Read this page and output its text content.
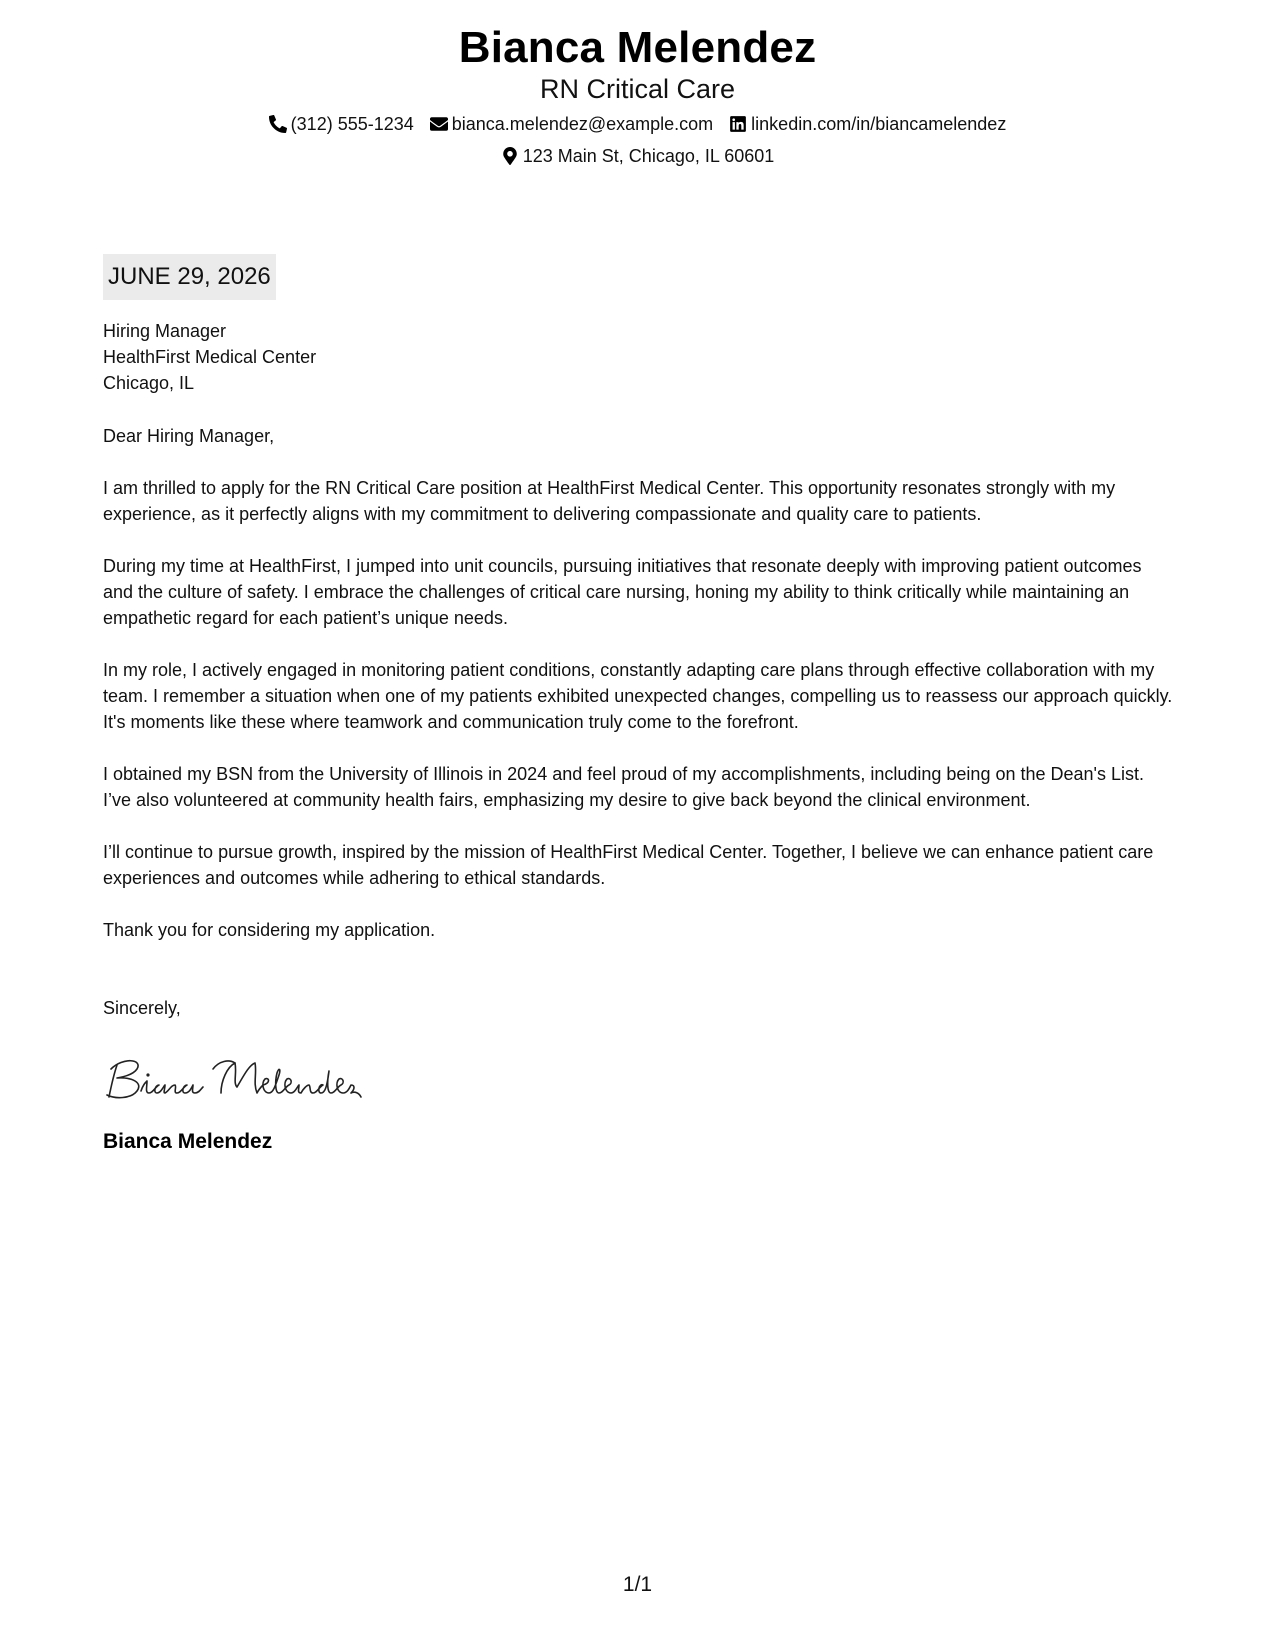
Bianca Melendez
RN Critical Care
(312) 555-1234 bianca.melendez@example.com linkedin.com/in/biancamelendez
123 Main St, Chicago, IL 60601
JUNE 29, 2026
Hiring Manager
HealthFirst Medical Center
Chicago, IL
Dear Hiring Manager,
I am thrilled to apply for the RN Critical Care position at HealthFirst Medical Center. This opportunity resonates strongly with my experience, as it perfectly aligns with my commitment to delivering compassionate and quality care to patients.
During my time at HealthFirst, I jumped into unit councils, pursuing initiatives that resonate deeply with improving patient outcomes and the culture of safety. I embrace the challenges of critical care nursing, honing my ability to think critically while maintaining an empathetic regard for each patient’s unique needs.
In my role, I actively engaged in monitoring patient conditions, constantly adapting care plans through effective collaboration with my team. I remember a situation when one of my patients exhibited unexpected changes, compelling us to reassess our approach quickly. It's moments like these where teamwork and communication truly come to the forefront.
I obtained my BSN from the University of Illinois in 2024 and feel proud of my accomplishments, including being on the Dean's List. I’ve also volunteered at community health fairs, emphasizing my desire to give back beyond the clinical environment.
I’ll continue to pursue growth, inspired by the mission of HealthFirst Medical Center. Together, I believe we can enhance patient care experiences and outcomes while adhering to ethical standards.
Thank you for considering my application.
Sincerely,
Bianca Melendez
1/1
